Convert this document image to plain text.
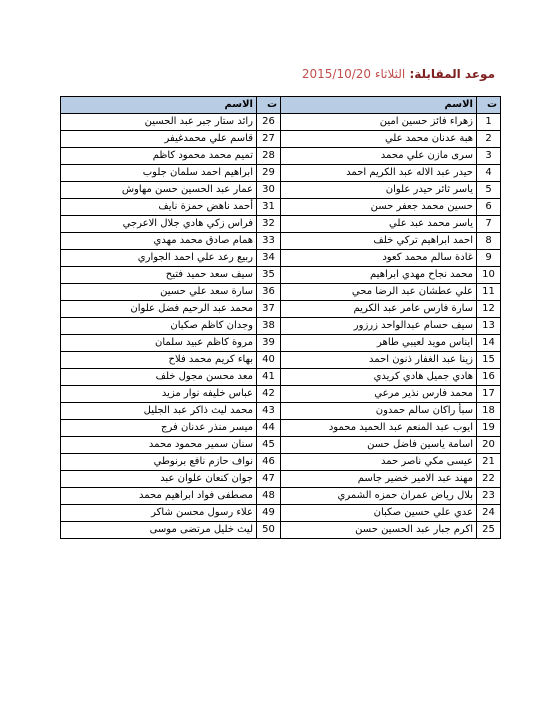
موعد المقابلة: الثلاثاء 2015/10/20
ت	الاسم	ت	الاسم
1	زهراء فائز حسين امين	26	رائد ستار جبر عبد الحسين
2	هبة عدنان محمد علي	27	قاسم علي محمدغيفر
3	سرى مازن علي محمد	28	تميم محمد محمود كاظم
4	حيدر عبد الاله عبد الكريم احمد	29	ابراهيم احمد سلمان جلوب
5	ياسر ثائر حيدر علوان	30	عمار عبد الحسين حسن مهاوش
6	حسين محمد جعفر حسن	31	أحمد ناهض حمزة نايف
7	ياسر محمد عبد علي	32	فراس زكي هادي جلال الاعرجي
8	احمد ابراهيم تركي خلف	33	همام صادق محمد مهدي
9	غادة سالم محمد كعود	34	ربيع رعد علي احمد الجواري
10	محمد نجاح مهدي ابراهيم	35	سيف سعد حميد فتيح
11	علي عطشان عبد الرضا محي	36	سارة سعد علي حسين
12	سارة فارس عامر عبد الكريم	37	محمد عبد الرحيم فضل علوان
13	سيف حسام عبدالواحد زرزور	38	وجدان كاظم صكبان
14	ايناس مويد لعيبي طاهر	39	مروة كاظم عبيد سلمان
15	زينا عبد الغفار ذنون احمد	40	بهاء كريم محمد فلاح
16	هادي جميل هادي كريدي	41	معد محسن مجول خلف
17	محمد فارس نذير مرعي	42	عباس خليفه نوار مزيد
18	سبأ راكان سالم حمدون	43	محمد ليث ذاكر عبد الجليل
19	ايوب عبد المنعم عبد الحميد محمود	44	ميسر منذر عدنان فرج
20	اسامة ياسين فاضل حسن	45	سنان سمير محمود محمد
21	عيسى مكي ناصر حمد	46	نواف حازم نافع برنوطي
22	مهند عبد الامير خضير جاسم	47	جوان كنعان علوان عبد
23	بلال رياض عمران حمزه الشمري	48	مصطفى فواد ابراهيم محمد
24	عدي علي حسين صكبان	49	علاء رسول محسن شاكر
25	اكرم جبار عبد الحسين حسن	50	ليث خليل مرتضى موسى
